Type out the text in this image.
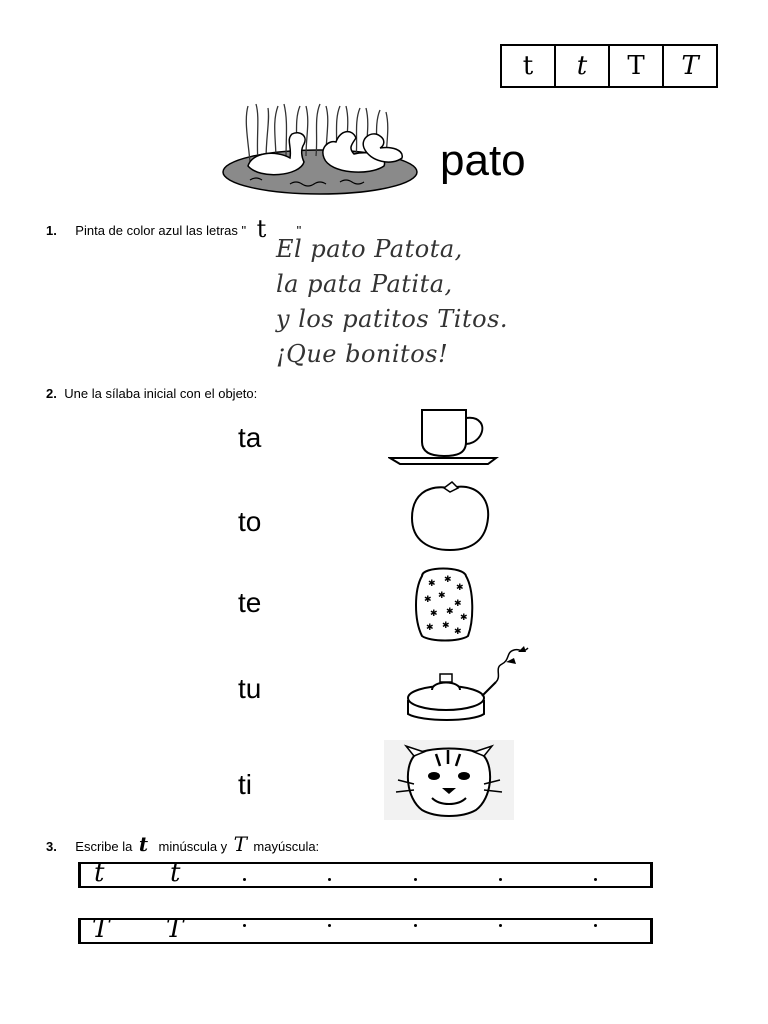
t	t	T	T
pato
1. Pinta de color azul las letras " t "
El pato Patota,
la pata Patita,
y los patitos Titos.
¡Que bonitos!
2. Une la sílaba inicial con el objeto:
ta
to
te
tu
ti
✱ ✱
✱
✱ ✱
✱
✱ ✱
✱
✱ ✱
✱
3. Escribe la t minúscula y T mayúscula:
t	t
T T
